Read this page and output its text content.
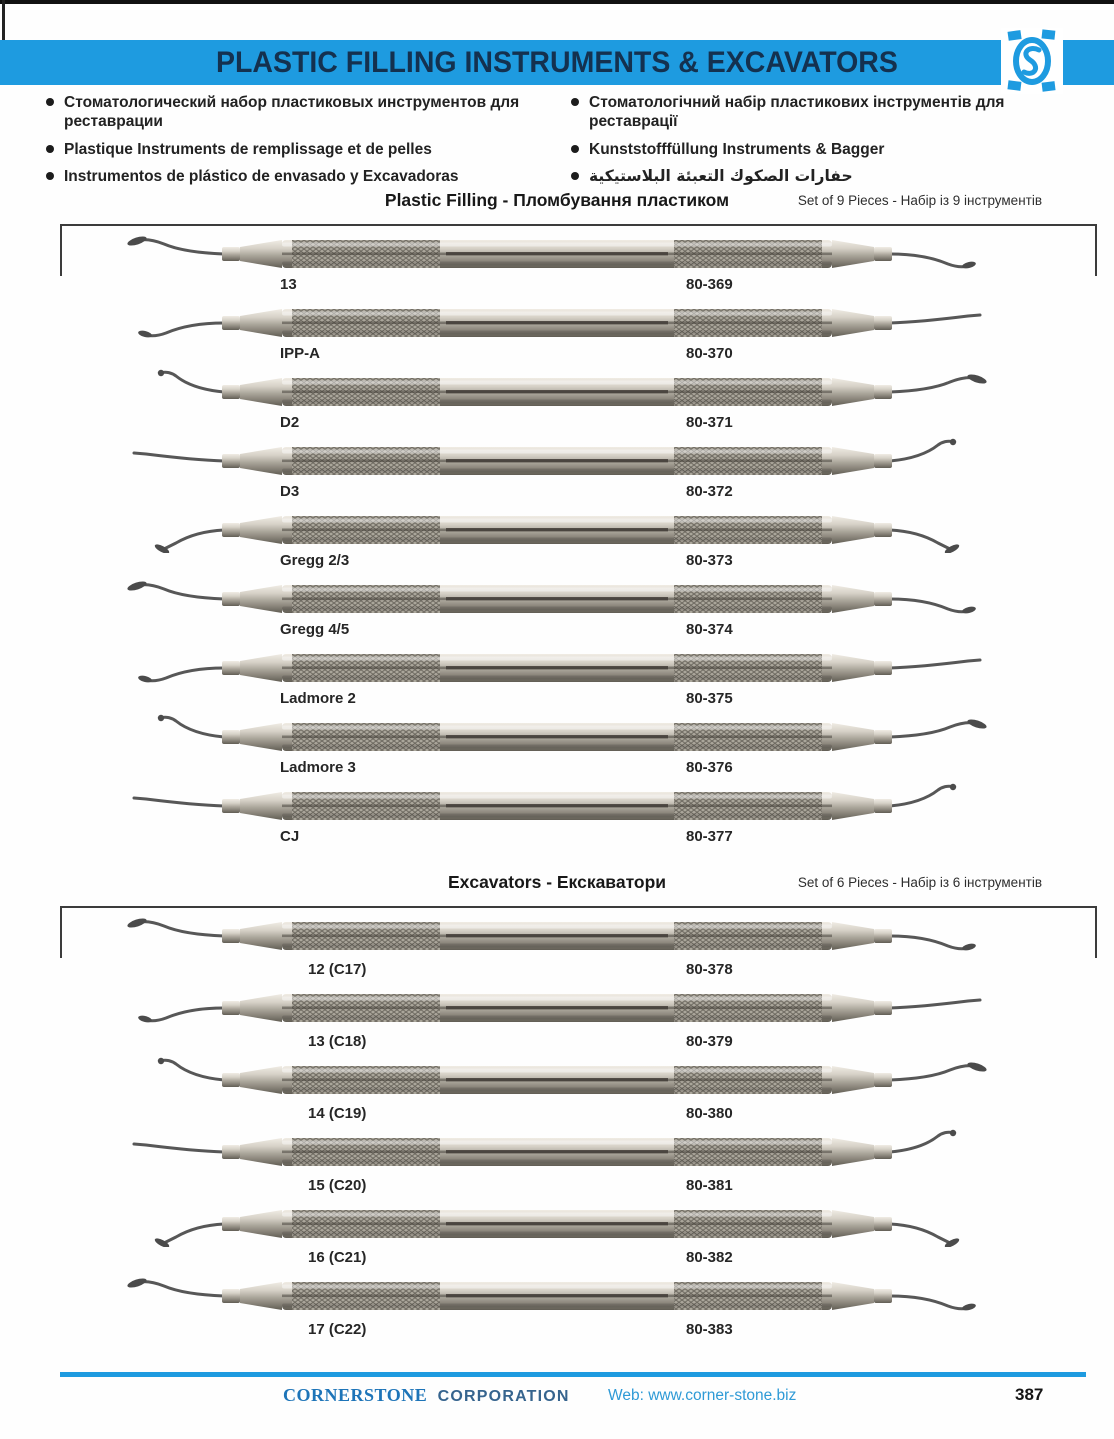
PLASTIC FILLING INSTRUMENTS & EXCAVATORS
Стоматологический набор пластиковых инструментов для реставрации
Plastique Instruments de remplissage et de pelles
Instrumentos de plástico de envasado y Excavadoras
Стоматологічний набір пластикових інструментів для реставрації
Kunststofffüllung Instruments & Bagger
حفارات الصكوك التعبئة البلاستيكية
Plastic Filling - Пломбування пластиком	Set of 9 Pieces - Набір із 9 інструментів
13	80-369
IPP-A	80-370
D2	80-371
D3	80-372
Gregg 2/3	80-373
Gregg 4/5	80-374
Ladmore 2	80-375
Ladmore 3	80-376
CJ	80-377
Excavators - Екскаватори	Set of 6 Pieces - Набір із 6 інструментів
12 (C17)	80-378
13 (C18)	80-379
14 (C19)	80-380
15 (C20)	80-381
16 (C21)	80-382
17 (C22)	80-383
CORNERSTONE CORPORATION Web: www.corner-stone.biz	387
